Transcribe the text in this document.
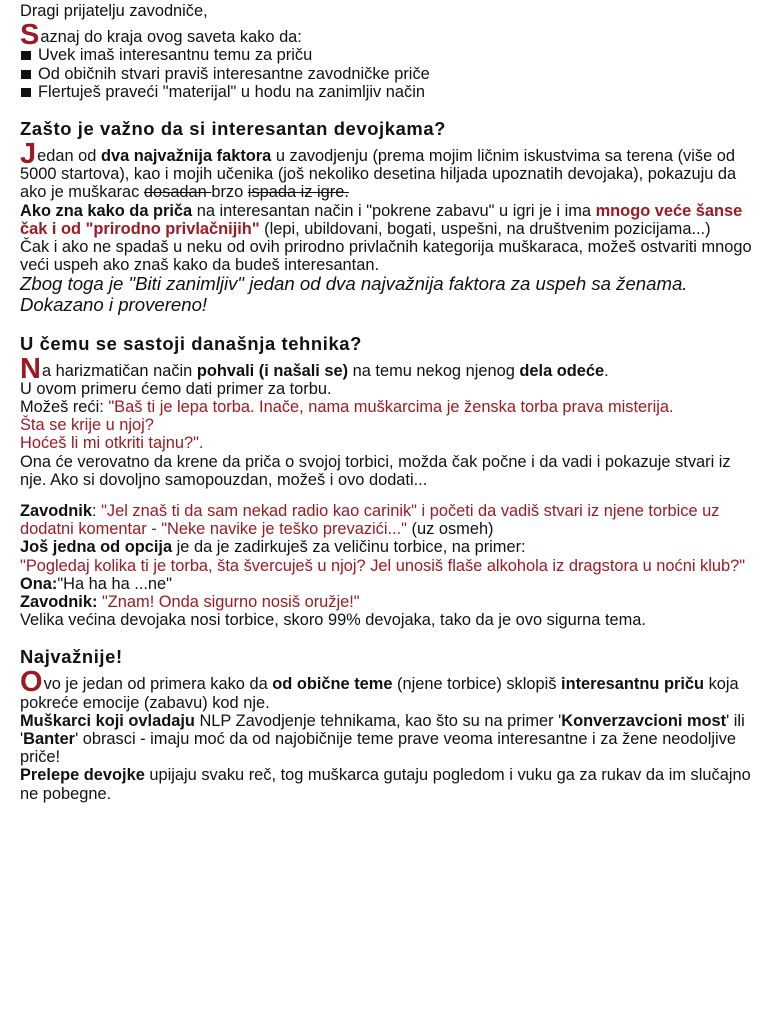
Dragi prijatelju zavodniče,

Saznaj do kraja ovog saveta kako da:

Uvek imaš interesantnu temu za priču
Od običnih stvari praviš interesantne zavodničke priče
Flertuješ praveći "materijal" u hodu na zanimljiv način
Zašto je važno da si interesantan devojkama?

Jedan od dva najvažnija faktora u zavodjenju (prema mojim ličnim iskustvima sa terena (više od 5000 startova), kao i mojih učenika (još nekoliko desetina hiljada upoznatih devojaka), pokazuju da ako je muškarac dosadan brzo ispada iz igre.

Ako zna kako da priča na interesantan način i "pokrene zabavu" u igri je i ima mnogo veće šanse čak i od "prirodno privlačnijih" (lepi, ubildovani, bogati, uspešni, na društvenim pozicijama...)

Čak i ako ne spadaš u neku od ovih prirodno privlačnih kategorija muškaraca, možeš ostvariti mnogo veći uspeh ako znaš kako da budeš interesantan.

Zbog toga je "Biti zanimljiv" jedan od dva najvažnija faktora za uspeh sa ženama. Dokazano i provereno!

U čemu se sastoji današnja tehnika?

Na harizmatičan način pohvali (i našali se) na temu nekog njenog dela odeće.

U ovom primeru ćemo dati primer za torbu.

Možeš reći: "Baš ti je lepa torba. Inače, nama muškarcima je ženska torba prava misterija.

Šta se krije u njoj?

Hoćeš li mi otkriti tajnu?".

Ona će verovatno da krene da priča o svojoj torbici, možda čak počne i da vadi i pokazuje stvari iz nje. Ako si dovoljno samopouzdan, možeš i ovo dodati...

Zavodnik: "Jel znaš ti da sam nekad radio kao carinik" i početi da vadiš stvari iz njene torbice uz dodatni komentar - "Neke navike je teško prevazići..." (uz osmeh)

Još jedna od opcija je da je zadirkuješ za veličinu torbice, na primer:

"Pogledaj kolika ti je torba, šta švercuješ u njoj? Jel unosiš flaše alkohola iz dragstora u noćni klub?"

Ona:"Ha ha ha ...ne"

Zavodnik: "Znam! Onda sigurno nosiš oružje!"

Velika većina devojaka nosi torbice, skoro 99% devojaka, tako da je ovo sigurna tema.

Najvažnije!

Ovo je jedan od primera kako da od obične teme (njene torbice) sklopiš interesantnu priču koja pokreće emocije (zabavu) kod nje.

Muškarci koji ovladaju NLP Zavodjenje tehnikama, kao što su na primer 'Konverzavcioni most' ili 'Banter' obrasci - imaju moć da od najobičnije teme prave veoma interesantne i za žene neodoljive priče!

Prelepe devojke upijaju svaku reč, tog muškarca gutaju pogledom i vuku ga za rukav da im slučajno ne pobegne.
